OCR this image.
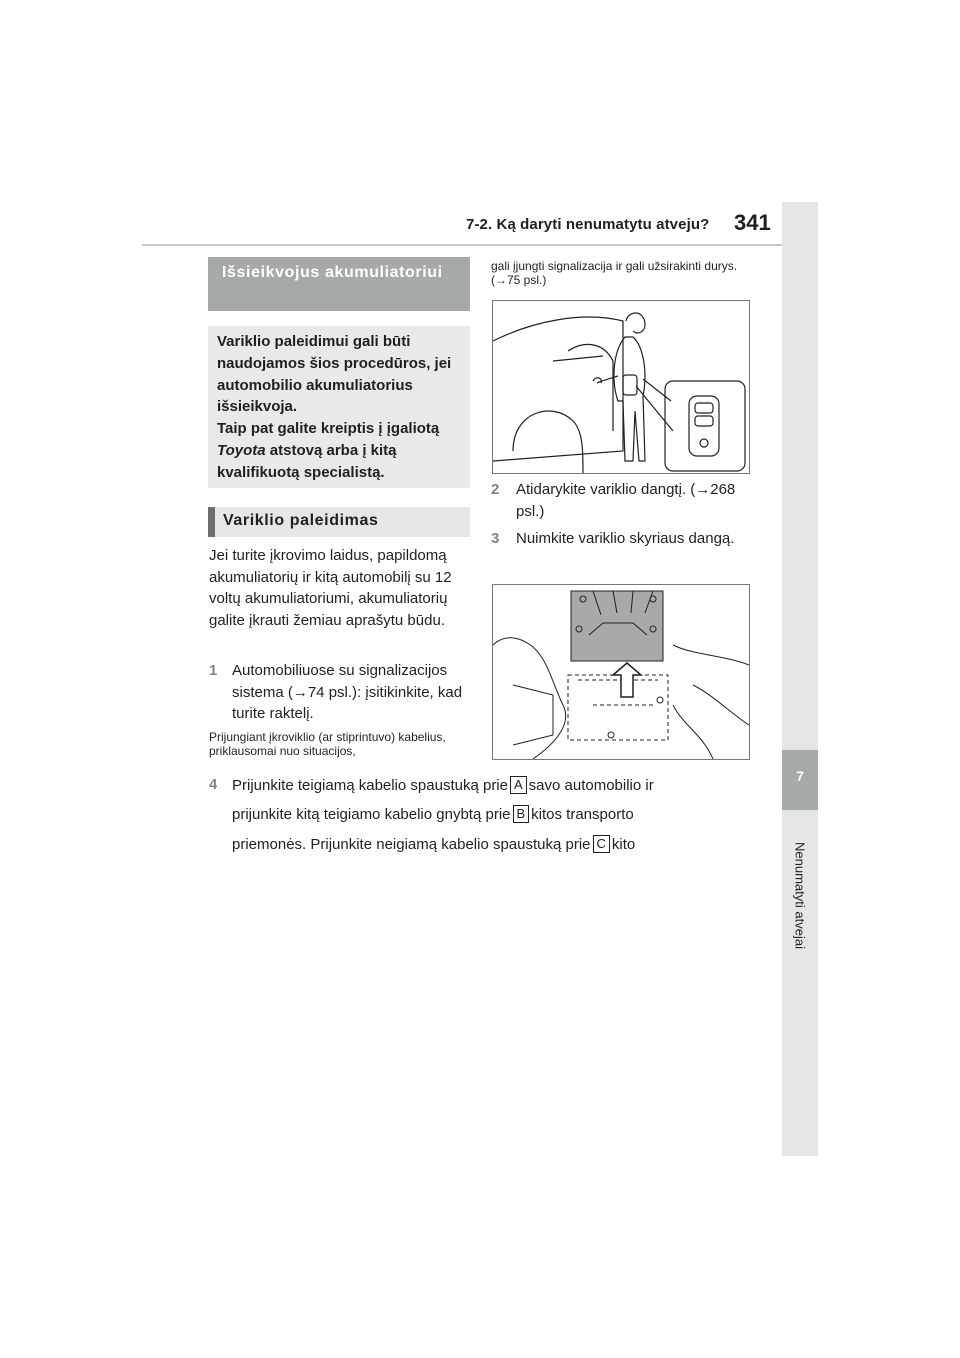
7-2. Ką daryti nenumatytu atveju? 341
7
Nenumatyti atvejai
Išsieikvojus akumuliatoriui
Variklio paleidimui gali būti naudojamos šios procedūros, jei automobilio akumuliatorius išsieikvoja.
Taip pat galite kreiptis į įgaliotą
Toyota atstovą arba į kitą kvalifikuotą specialistą.
Variklio paleidimas
Jei turite įkrovimo laidus, papildomą akumuliatorių ir kitą automobilį su 12 voltų akumuliatoriumi, akumuliatorių galite įkrauti žemiau aprašytu būdu.
1 Automobiliuose su signalizacijos sistema (→74 psl.): įsitikinkite, kad turite raktelį.
Prijungiant įkroviklio (ar stiprintuvo) kabelius, priklausomai nuo situacijos,
gali įjungti signalizacija ir gali užsirakinti durys. (→75 psl.)
2 Atidarykite variklio dangtį. (→268 psl.)
3 Nuimkite variklio skyriaus dangą.
4 Prijunkite teigiamą kabelio spaustuką prie A savo automobilio ir
prijunkite kitą teigiamo kabelio gnybtą prie B kitos transporto
priemonės. Prijunkite neigiamą kabelio spaustuką prie C kito
